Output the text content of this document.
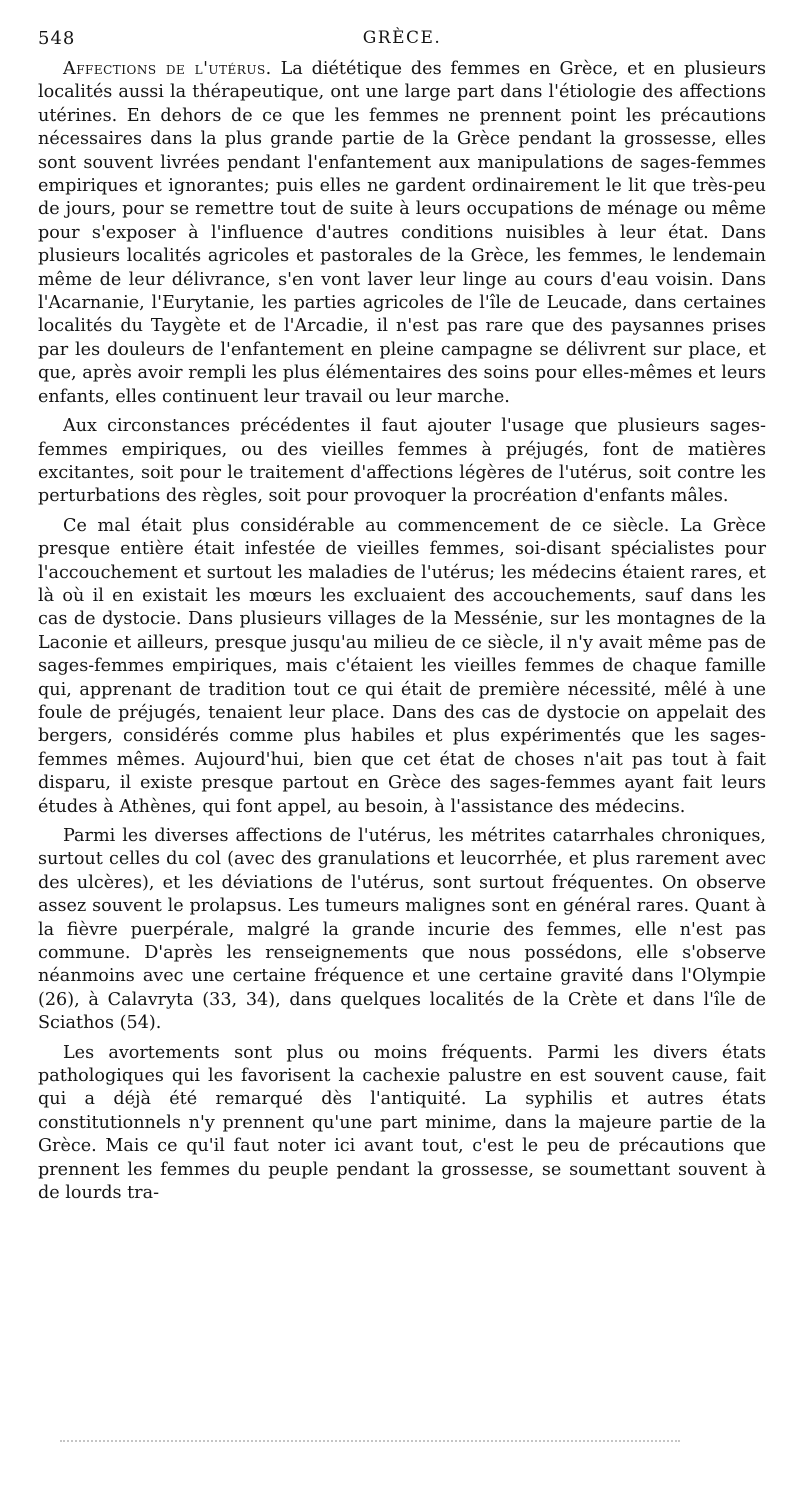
548	GRÈCE.

Affections de l'utérus. La diététique des femmes en Grèce, et en plusieurs localités aussi la thérapeutique, ont une large part dans l'étiologie des affections utérines. En dehors de ce que les femmes ne prennent point les précautions nécessaires dans la plus grande partie de la Grèce pendant la grossesse, elles sont souvent livrées pendant l'enfantement aux manipulations de sages-femmes empiriques et ignorantes; puis elles ne gardent ordinairement le lit que très-peu de jours, pour se remettre tout de suite à leurs occupations de ménage ou même pour s'exposer à l'influence d'autres conditions nuisibles à leur état. Dans plusieurs localités agricoles et pastorales de la Grèce, les femmes, le lendemain même de leur délivrance, s'en vont laver leur linge au cours d'eau voisin. Dans l'Acarnanie, l'Eurytanie, les parties agricoles de l'île de Leucade, dans certaines localités du Taygète et de l'Arcadie, il n'est pas rare que des paysannes prises par les douleurs de l'enfantement en pleine campagne se délivrent sur place, et que, après avoir rempli les plus élémentaires des soins pour elles-mêmes et leurs enfants, elles continuent leur travail ou leur marche.

Aux circonstances précédentes il faut ajouter l'usage que plusieurs sages-femmes empiriques, ou des vieilles femmes à préjugés, font de matières excitantes, soit pour le traitement d'affections légères de l'utérus, soit contre les perturbations des règles, soit pour provoquer la procréation d'enfants mâles.

Ce mal était plus considérable au commencement de ce siècle. La Grèce presque entière était infestée de vieilles femmes, soi-disant spécialistes pour l'accouchement et surtout les maladies de l'utérus; les médecins étaient rares, et là où il en existait les mœurs les excluaient des accouchements, sauf dans les cas de dystocie. Dans plusieurs villages de la Messénie, sur les montagnes de la Laconie et ailleurs, presque jusqu'au milieu de ce siècle, il n'y avait même pas de sages-femmes empiriques, mais c'étaient les vieilles femmes de chaque famille qui, apprenant de tradition tout ce qui était de première nécessité, mêlé à une foule de préjugés, tenaient leur place. Dans des cas de dystocie on appelait des bergers, considérés comme plus habiles et plus expérimentés que les sages-femmes mêmes. Aujourd'hui, bien que cet état de choses n'ait pas tout à fait disparu, il existe presque partout en Grèce des sages-femmes ayant fait leurs études à Athènes, qui font appel, au besoin, à l'assistance des médecins.

Parmi les diverses affections de l'utérus, les métrites catarrhales chroniques, surtout celles du col (avec des granulations et leucorrhée, et plus rarement avec des ulcères), et les déviations de l'utérus, sont surtout fréquentes. On observe assez souvent le prolapsus. Les tumeurs malignes sont en général rares. Quant à la fièvre puerpérale, malgré la grande incurie des femmes, elle n'est pas commune. D'après les renseignements que nous possédons, elle s'observe néanmoins avec une certaine fréquence et une certaine gravité dans l'Olympie (26), à Calavryta (33, 34), dans quelques localités de la Crète et dans l'île de Sciathos (54).

Les avortements sont plus ou moins fréquents. Parmi les divers états pathologiques qui les favorisent la cachexie palustre en est souvent cause, fait qui a déjà été remarqué dès l'antiquité. La syphilis et autres états constitutionnels n'y prennent qu'une part minime, dans la majeure partie de la Grèce. Mais ce qu'il faut noter ici avant tout, c'est le peu de précautions que prennent les femmes du peuple pendant la grossesse, se soumettant souvent à de lourds tra-
